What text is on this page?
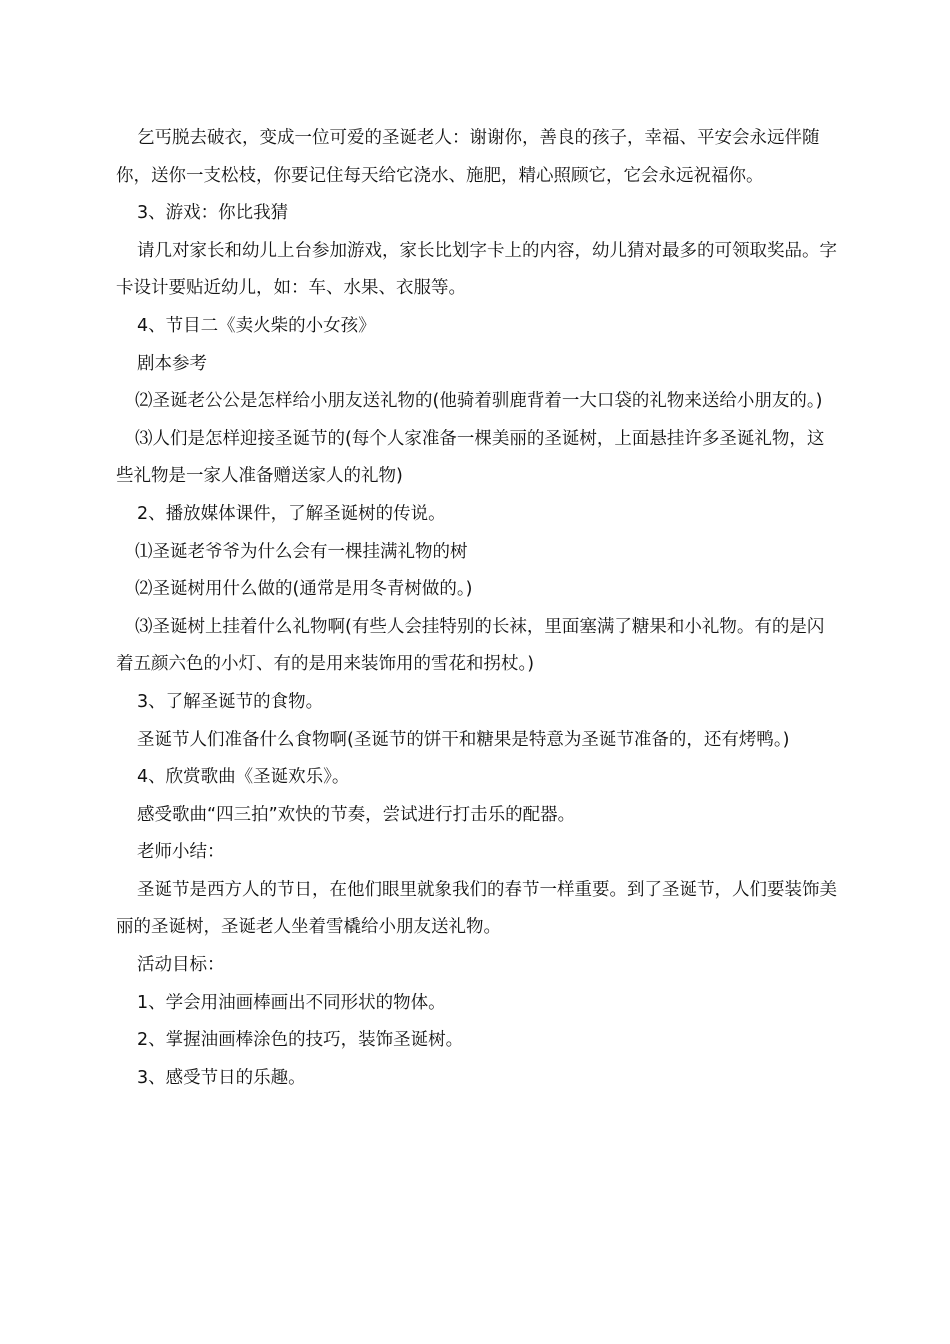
乞丐脱去破衣，变成一位可爱的圣诞老人：谢谢你，善良的孩子，幸福、平安会永远伴随你，送你一支松枝，你要记住每天给它浇水、施肥，精心照顾它，它会永远祝福你。

3、游戏：你比我猜

请几对家长和幼儿上台参加游戏，家长比划字卡上的内容，幼儿猜对最多的可领取奖品。字卡设计要贴近幼儿，如：车、水果、衣服等。

4、节目二《卖火柴的小女孩》

剧本参考

⑵圣诞老公公是怎样给小朋友送礼物的(他骑着驯鹿背着一大口袋的礼物来送给小朋友的。)

⑶人们是怎样迎接圣诞节的(每个人家准备一棵美丽的圣诞树，上面悬挂许多圣诞礼物，这些礼物是一家人准备赠送家人的礼物)

2、播放媒体课件，了解圣诞树的传说。

⑴圣诞老爷爷为什么会有一棵挂满礼物的树

⑵圣诞树用什么做的(通常是用冬青树做的。)

⑶圣诞树上挂着什么礼物啊(有些人会挂特别的长袜，里面塞满了糖果和小礼物。有的是闪着五颜六色的小灯、有的是用来装饰用的雪花和拐杖。)

3、了解圣诞节的食物。

圣诞节人们准备什么食物啊(圣诞节的饼干和糖果是特意为圣诞节准备的，还有烤鸭。)

4、欣赏歌曲《圣诞欢乐》。

感受歌曲“四三拍”欢快的节奏，尝试进行打击乐的配器。

老师小结：

圣诞节是西方人的节日，在他们眼里就象我们的春节一样重要。到了圣诞节，人们要装饰美丽的圣诞树，圣诞老人坐着雪橇给小朋友送礼物。

活动目标：

1、学会用油画棒画出不同形状的物体。

2、掌握油画棒涂色的技巧，装饰圣诞树。

3、感受节日的乐趣。
